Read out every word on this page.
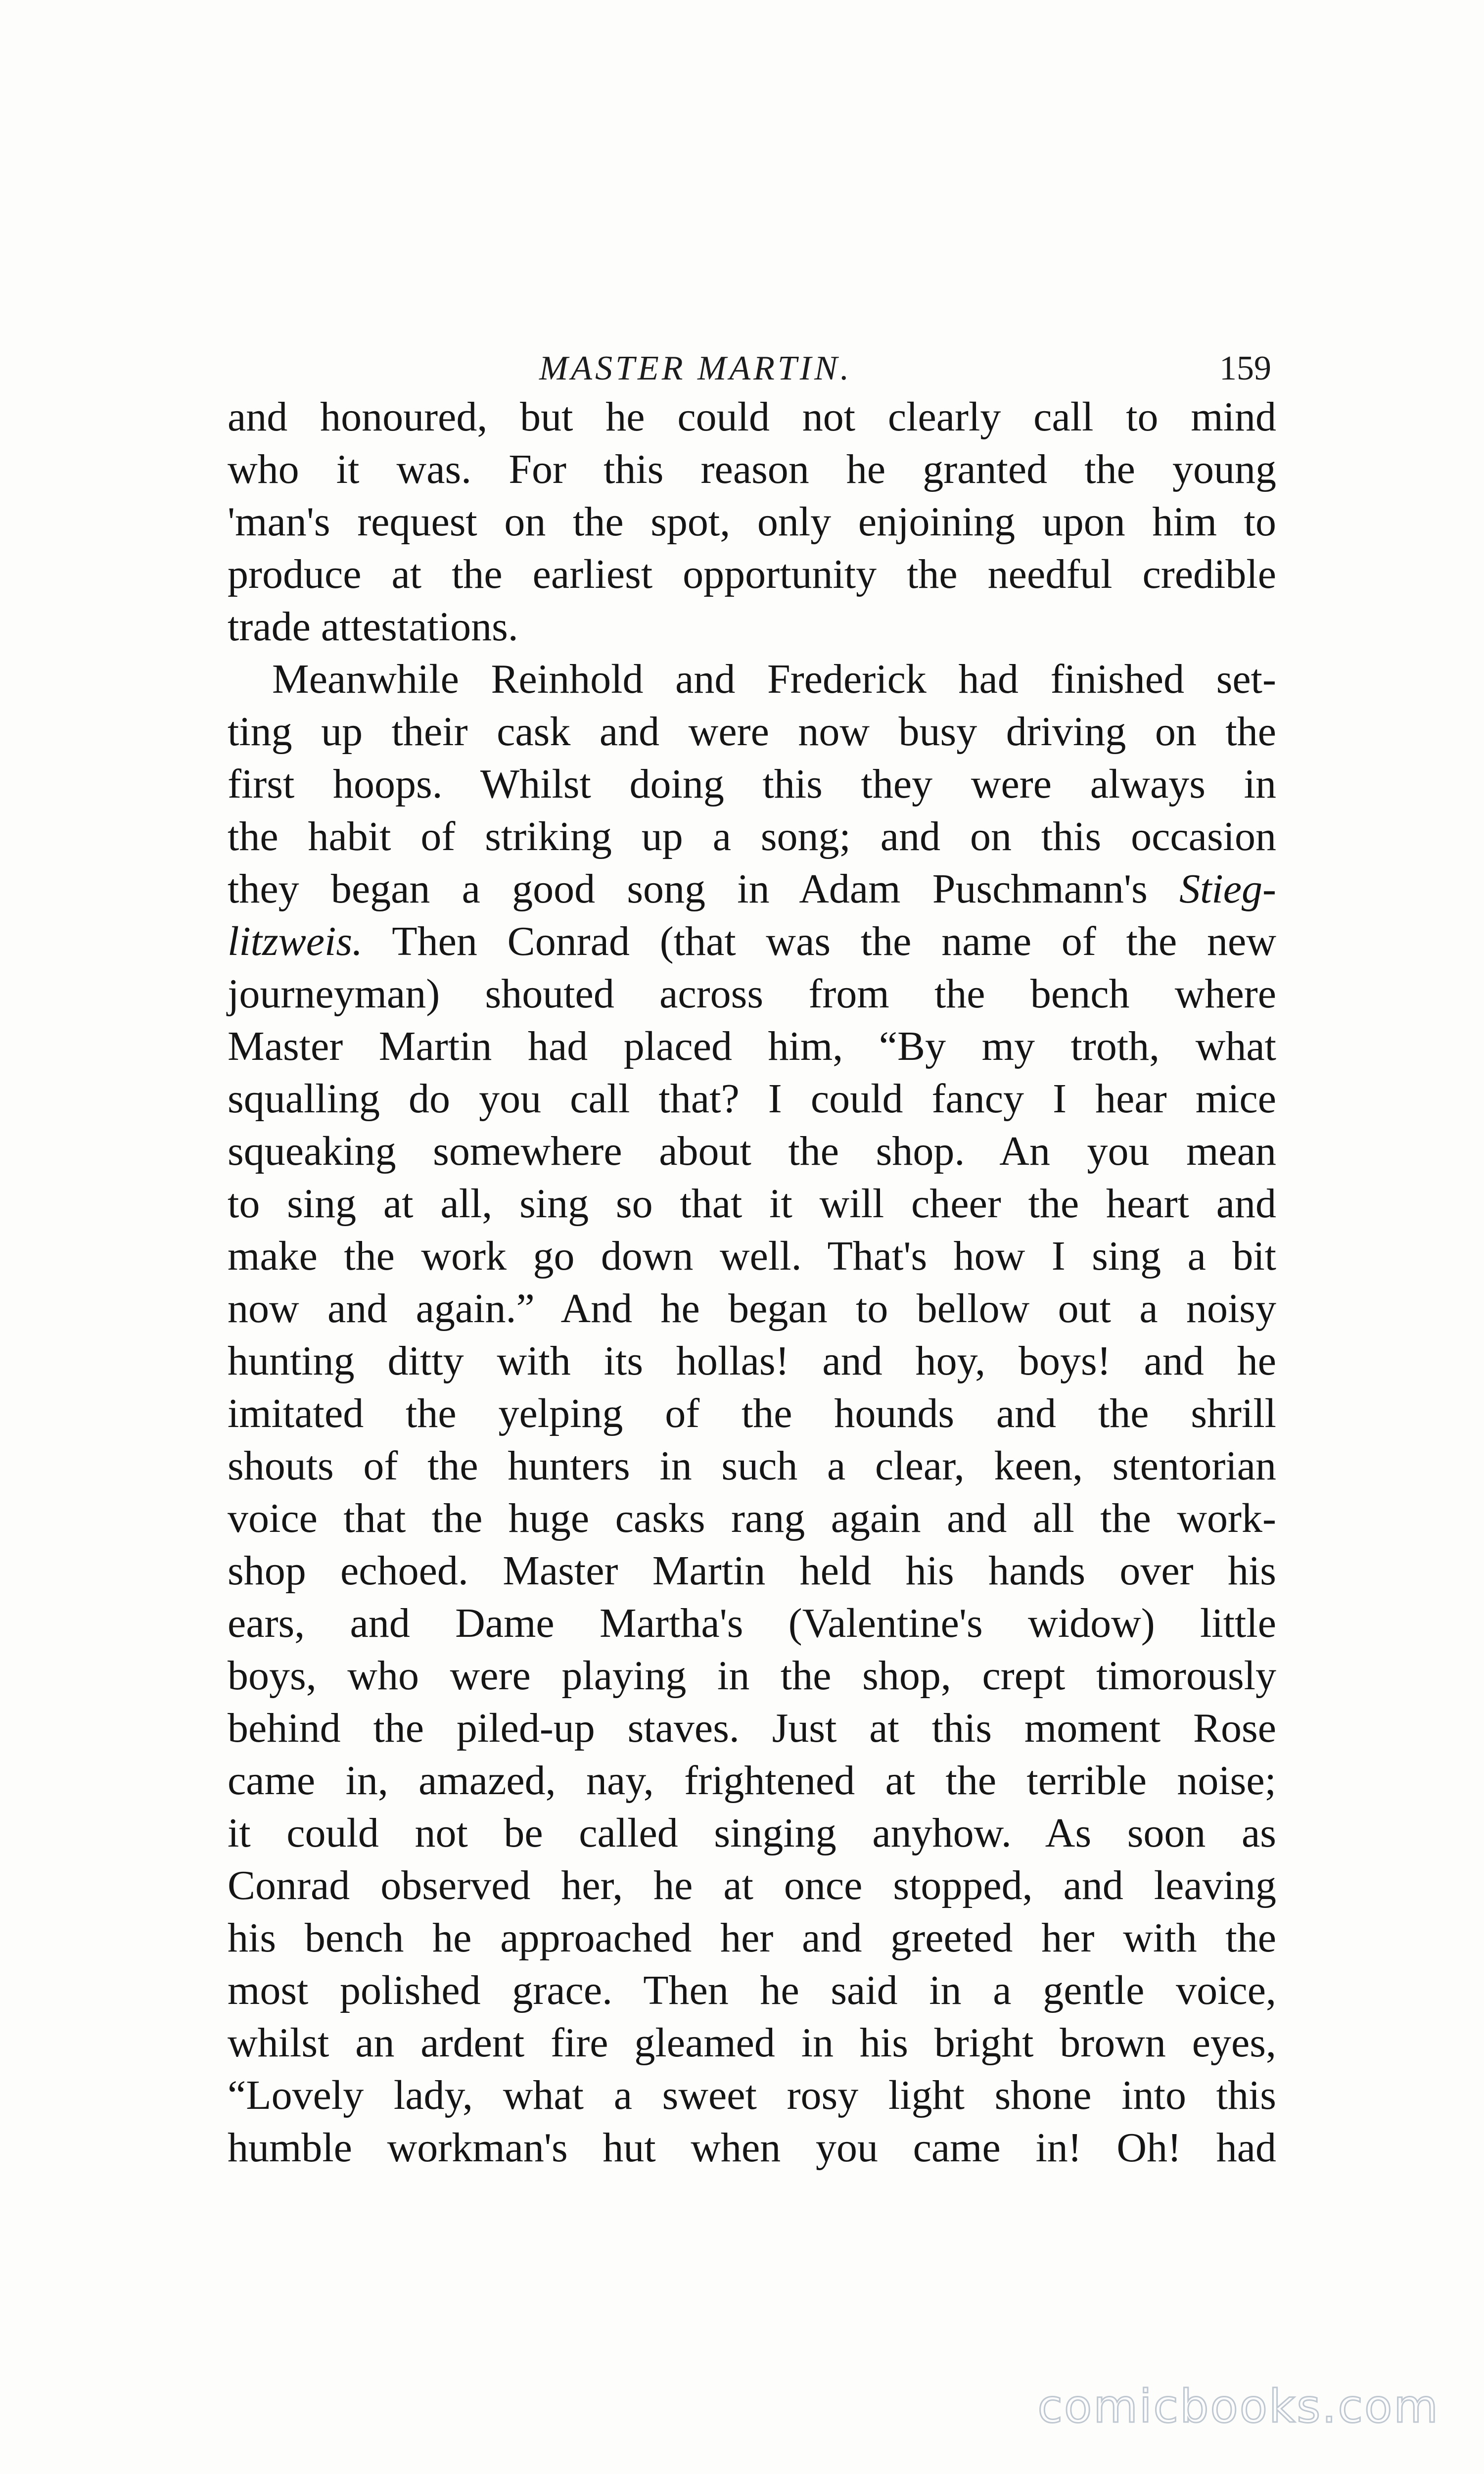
MASTER MARTIN.	159
and honoured, but he could not clearly call to mind
who it was. For this reason he granted the young
'man's request on the spot, only enjoining upon him to
produce at the earliest opportunity the needful credible
trade attestations.
Meanwhile Reinhold and Frederick had finished set-
ting up their cask and were now busy driving on the
first hoops. Whilst doing this they were always in
the habit of striking up a song; and on this occasion
they began a good song in Adam Puschmann's Stieg-
litzweis. Then Conrad (that was the name of the new
journeyman) shouted across from the bench where
Master Martin had placed him, “By my troth, what
squalling do you call that? I could fancy I hear mice
squeaking somewhere about the shop. An you mean
to sing at all, sing so that it will cheer the heart and
make the work go down well. That's how I sing a bit
now and again.” And he began to bellow out a noisy
hunting ditty with its hollas! and hoy, boys! and he
imitated the yelping of the hounds and the shrill
shouts of the hunters in such a clear, keen, stentorian
voice that the huge casks rang again and all the work-
shop echoed. Master Martin held his hands over his
ears, and Dame Martha's (Valentine's widow) little
boys, who were playing in the shop, crept timorously
behind the piled-up staves. Just at this moment Rose
came in, amazed, nay, frightened at the terrible noise;
it could not be called singing anyhow. As soon as
Conrad observed her, he at once stopped, and leaving
his bench he approached her and greeted her with the
most polished grace. Then he said in a gentle voice,
whilst an ardent fire gleamed in his bright brown eyes,
“Lovely lady, what a sweet rosy light shone into this
humble workman's hut when you came in! Oh! had
comicbooks.com
